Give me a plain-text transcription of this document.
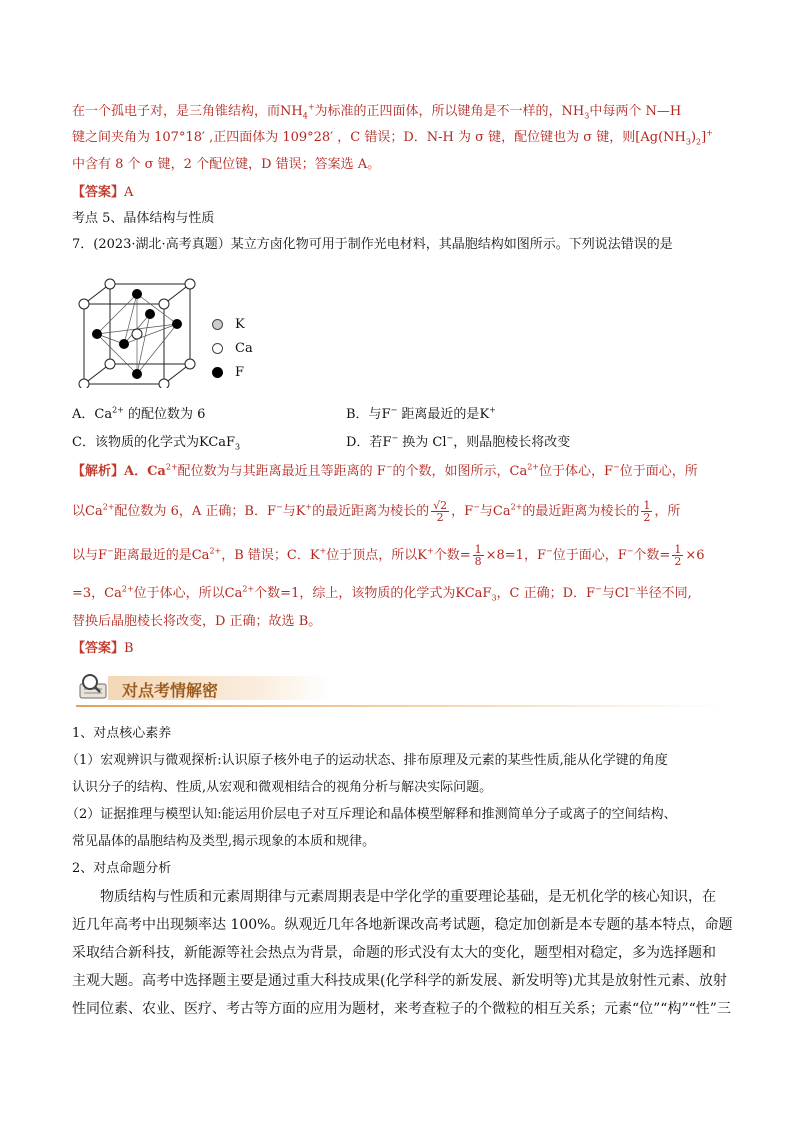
在一个孤电子对，是三角锥结构，而$NH_4^+$为标准的正四面体，所以键角是不一样的，$NH_3$中每两个 N—H
键之间夹角为 107°18′ ,正四面体为 109°28′ ，C 错误；D．N-H 为 σ 键，配位键也为 σ 键，则$[Ag(NH_3)_2]^+$
中含有 8 个 σ 键，2 个配位键，D 错误；答案选 A。
【答案】A
考点 5、晶体结构与性质
7．(2023·湖北·高考真题）某立方卤化物可用于制作光电材料，其晶胞结构如图所示。下列说法错误的是
K
Ca
F
A．$Ca^{2+}$ 的配位数为 6	B．与F− 距离最近的是K+
C．该物质的化学式为KCaF$_3$	D．若F− 换为 Cl−，则晶胞棱长将改变
【解析】A．$Ca^{2+}$配位数为与其距离最近且等距离的 F−的个数，如图所示，$Ca^{2+}$位于体心，F−位于面心，所
以$Ca^{2+}$配位数为 6，A 正确；B．F−与K+的最近距离为棱长的 $\frac{√2}{2}$ ，F−与$Ca^{2+}$的最近距离为棱长的 $\frac{1}{2}$ ，所
以与F−距离最近的是$Ca^{2+}$，B 错误；C．K+位于顶点，所以K+个数= $\frac{1}{8} \times 8=1$，F−位于面心，F−个数= $\frac{1}{2} \times 6$
=3，$Ca^{2+}$位于体心，所以$Ca^{2+}$个数=1，综上，该物质的化学式为KCaF$_3$，C 正确；D．F−与Cl−半径不同,
替换后晶胞棱长将改变，D 正确；故选 B。
【答案】B
对点考情解密
1、对点核心素养
（1）宏观辨识与微观探析:认识原子核外电子的运动状态、排布原理及元素的某些性质,能从化学键的角度
认识分子的结构、性质,从宏观和微观相结合的视角分析与解决实际问题。
（2）证据推理与模型认知:能运用价层电子对互斥理论和晶体模型解释和推测简单分子或离子的空间结构、
常见晶体的晶胞结构及类型,揭示现象的本质和规律。
2、对点命题分析
物质结构与性质和元素周期律与元素周期表是中学化学的重要理论基础，是无机化学的核心知识，在
近几年高考中出现频率达 100%。纵观近几年各地新课改高考试题，稳定加创新是本专题的基本特点，命题
采取结合新科技，新能源等社会热点为背景，命题的形式没有太大的变化，题型相对稳定，多为选择题和
主观大题。高考中选择题主要是通过重大科技成果(化学科学的新发展、新发明等)尤其是放射性元素、放射
性同位素、农业、医疗、考古等方面的应用为题材，来考查粒子的个微粒的相互关系；元素“位”“构”“性”三
